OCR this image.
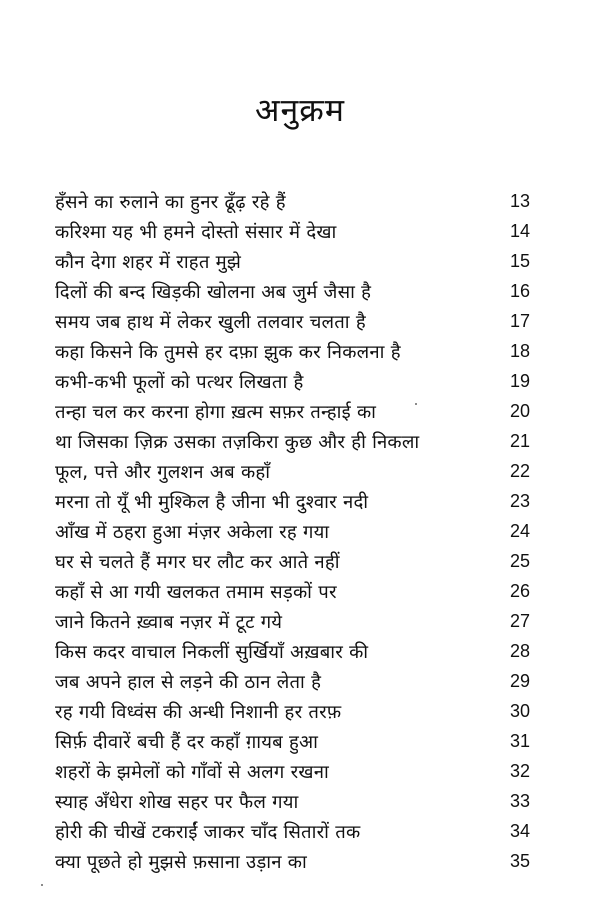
अनुक्रम
हँसने का रुलाने का हुनर ढूँढ़ रहे हैं	13
करिश्मा यह भी हमने दोस्तो संसार में देखा	14
कौन देगा शहर में राहत मुझे	15
दिलों की बन्द खिड़की खोलना अब जुर्म जैसा है	16
समय जब हाथ में लेकर खुली तलवार चलता है	17
कहा किसने कि तुमसे हर दफ़ा झुक कर निकलना है	18
कभी-कभी फूलों को पत्थर लिखता है	19
तन्हा चल कर करना होगा ख़त्म सफ़र तन्हाई का	20
था जिसका ज़िक्र उसका तज़किरा कुछ और ही निकला	21
फूल, पत्ते और गुलशन अब कहाँ	22
मरना तो यूँ भी मुश्किल है जीना भी दुश्वार नदी	23
आँख में ठहरा हुआ मंज़र अकेला रह गया	24
घर से चलते हैं मगर घर लौट कर आते नहीं	25
कहाँ से आ गयी खलकत तमाम सड़कों पर	26
जाने कितने ख़्वाब नज़र में टूट गये	27
किस कदर वाचाल निकलीं सुर्खियाँ अख़बार की	28
जब अपने हाल से लड़ने की ठान लेता है	29
रह गयी विध्वंस की अन्धी निशानी हर तरफ़	30
सिर्फ़ दीवारें बची हैं दर कहाँ ग़ायब हुआ	31
शहरों के झमेलों को गाँवों से अलग रखना	32
स्याह अँधेरा शोख सहर पर फैल गया	33
होरी की चीखें टकराईं जाकर चाँद सितारों तक	34
क्या पूछते हो मुझसे फ़साना उड़ान का	35
